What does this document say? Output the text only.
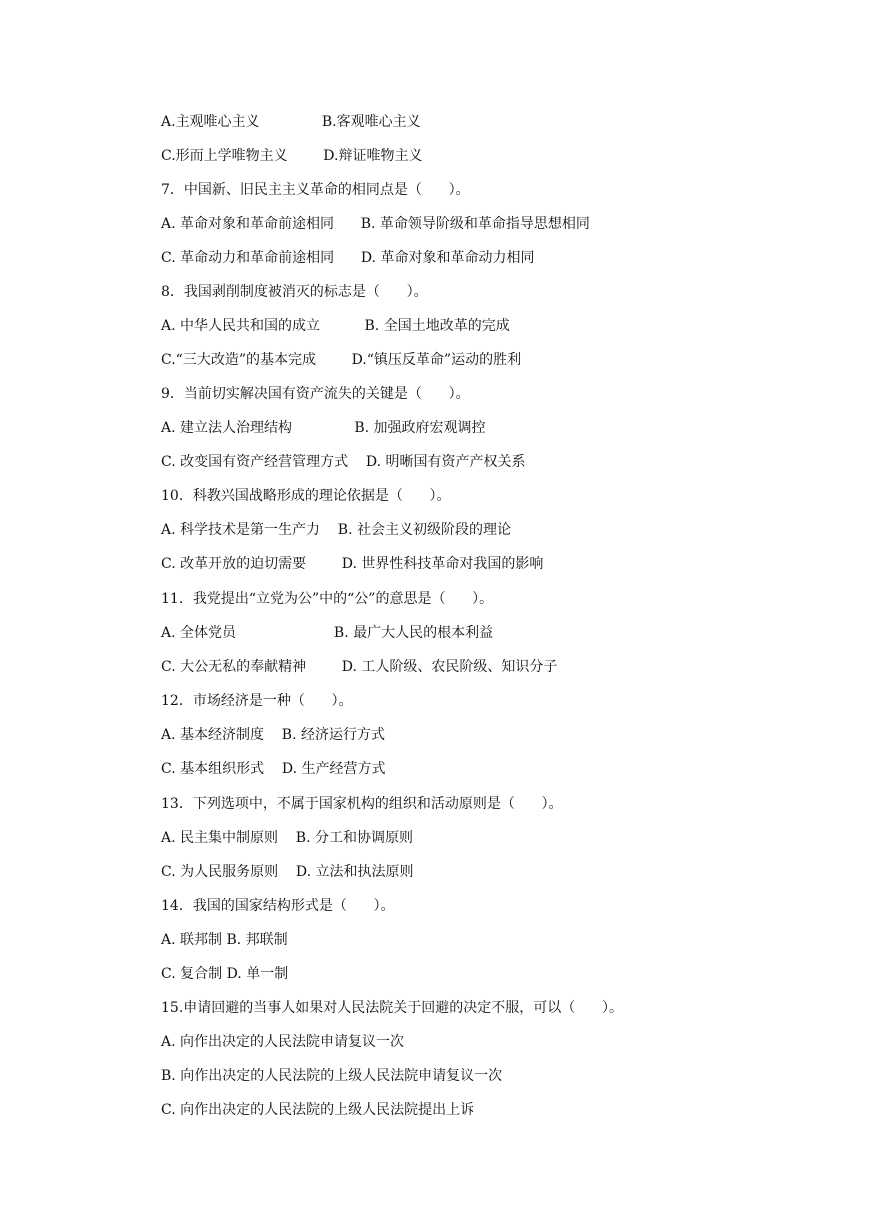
A.主观唯心主义              B.客观唯心主义
C.形而上学唯物主义        D.辩证唯物主义
7．中国新、旧民主主义革命的相同点是（      ）。
A. 革命对象和革命前途相同      B. 革命领导阶级和革命指导思想相同
C. 革命动力和革命前途相同      D. 革命对象和革命动力相同
8．我国剥削制度被消灭的标志是（      ）。
A. 中华人民共和国的成立          B. 全国土地改革的完成
C.“三大改造”的基本完成        D.“镇压反革命”运动的胜利
9．当前切实解决国有资产流失的关键是（      ）。
A. 建立法人治理结构              B. 加强政府宏观调控
C. 改变国有资产经营管理方式    D. 明晰国有资产产权关系
10．科教兴国战略形成的理论依据是（      ）。
A. 科学技术是第一生产力    B. 社会主义初级阶段的理论
C. 改革开放的迫切需要        D. 世界性科技革命对我国的影响
11．我党提出“立党为公”中的“公”的意思是（      ）。
A. 全体党员                      B. 最广大人民的根本利益
C. 大公无私的奉献精神        D. 工人阶级、农民阶级、知识分子
12．市场经济是一种（      ）。
A. 基本经济制度    B. 经济运行方式
C. 基本组织形式    D. 生产经营方式
13．下列选项中，不属于国家机构的组织和活动原则是（      ）。
A. 民主集中制原则    B. 分工和协调原则
C. 为人民服务原则    D. 立法和执法原则
14．我国的国家结构形式是（      ）。
A. 联邦制 B. 邦联制
C. 复合制 D. 单一制
15.申请回避的当事人如果对人民法院关于回避的决定不服，可以（      ）。
A. 向作出决定的人民法院申请复议一次
B. 向作出决定的人民法院的上级人民法院申请复议一次
C. 向作出决定的人民法院的上级人民法院提出上诉
